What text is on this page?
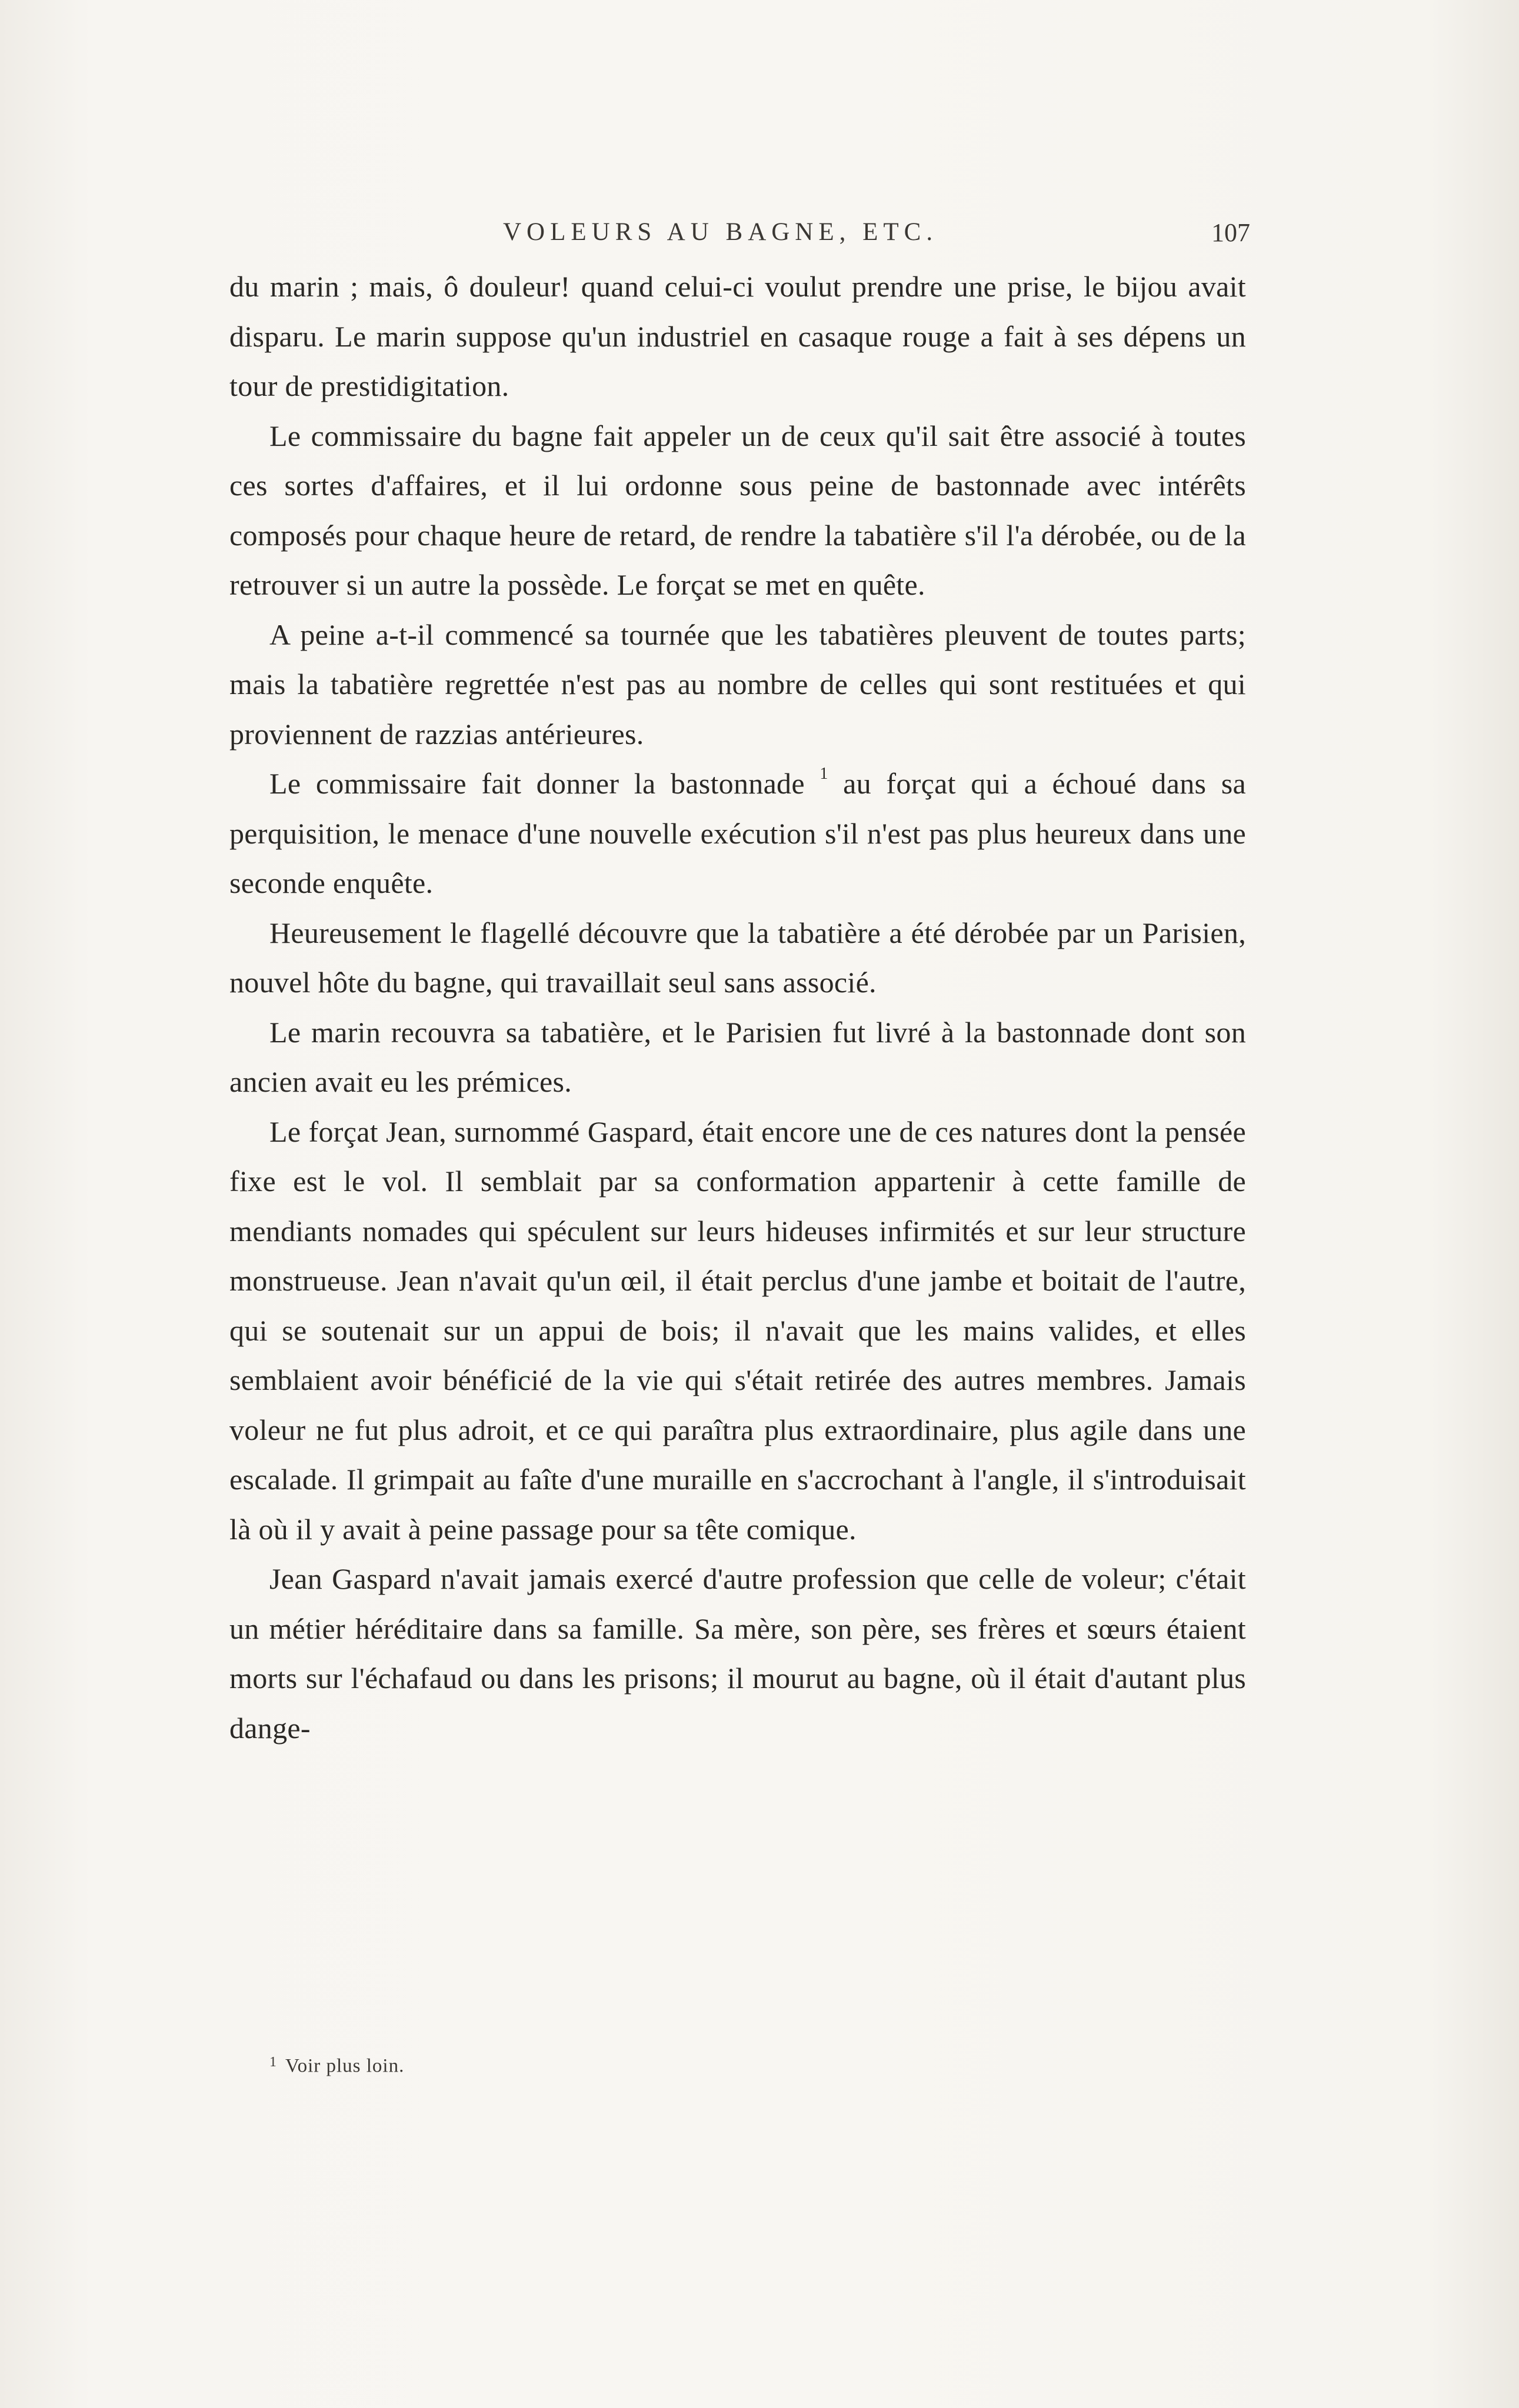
VOLEURS AU BAGNE, ETC.	107

du marin ; mais, ô douleur! quand celui-ci voulut prendre une prise, le bijou avait disparu. Le marin suppose qu'un industriel en casaque rouge a fait à ses dépens un tour de prestidigitation.

Le commissaire du bagne fait appeler un de ceux qu'il sait être associé à toutes ces sortes d'affaires, et il lui ordonne sous peine de bastonnade avec intérêts composés pour chaque heure de retard, de rendre la tabatière s'il l'a dérobée, ou de la retrouver si un autre la possède. Le forçat se met en quête.

A peine a-t-il commencé sa tournée que les tabatières pleuvent de toutes parts; mais la tabatière regrettée n'est pas au nombre de celles qui sont restituées et qui proviennent de razzias antérieures.

Le commissaire fait donner la bastonnade $^1$ au forçat qui a échoué dans sa perquisition, le menace d'une nouvelle exécution s'il n'est pas plus heureux dans une seconde enquête.

Heureusement le flagellé découvre que la tabatière a été dérobée par un Parisien, nouvel hôte du bagne, qui travaillait seul sans associé.

Le marin recouvra sa tabatière, et le Parisien fut livré à la bastonnade dont son ancien avait eu les prémices.

Le forçat Jean, surnommé Gaspard, était encore une de ces natures dont la pensée fixe est le vol. Il semblait par sa conformation appartenir à cette famille de mendiants nomades qui spéculent sur leurs hideuses infirmités et sur leur structure monstrueuse. Jean n'avait qu'un œil, il était perclus d'une jambe et boitait de l'autre, qui se soutenait sur un appui de bois; il n'avait que les mains valides, et elles semblaient avoir bénéficié de la vie qui s'était retirée des autres membres. Jamais voleur ne fut plus adroit, et ce qui paraîtra plus extraordinaire, plus agile dans une escalade. Il grimpait au faîte d'une muraille en s'accrochant à l'angle, il s'introduisait là où il y avait à peine passage pour sa tête comique.

Jean Gaspard n'avait jamais exercé d'autre profession que celle de voleur; c'était un métier héréditaire dans sa famille. Sa mère, son père, ses frères et sœurs étaient morts sur l'échafaud ou dans les prisons; il mourut au bagne, où il était d'autant plus dange-

$^1$ Voir plus loin.
